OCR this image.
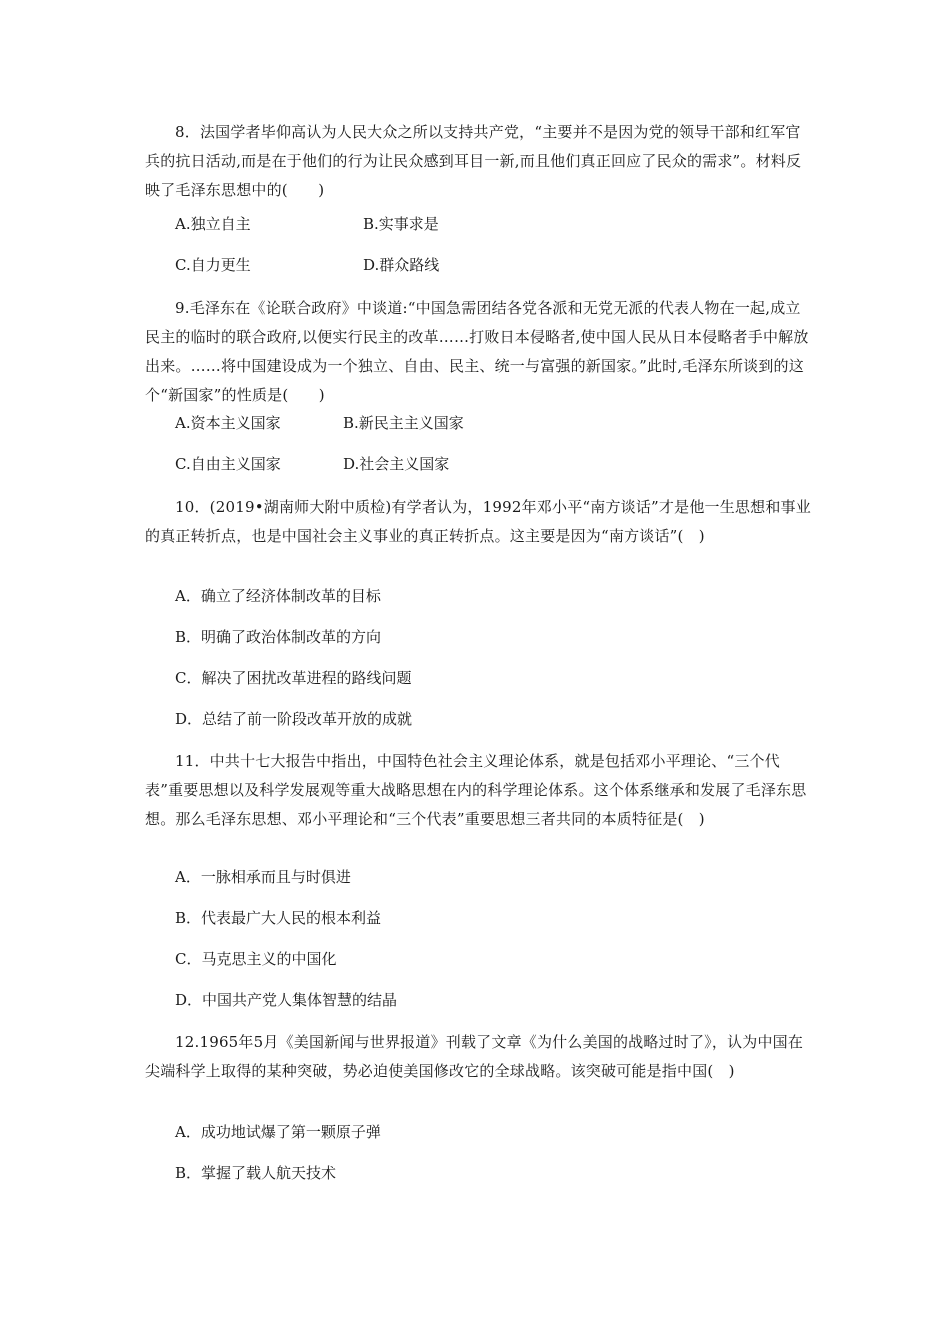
8．法国学者毕仰高认为人民大众之所以支持共产党，“主要并不是因为党的领导干部和红军官兵的抗日活动,而是在于他们的行为让民众感到耳目一新,而且他们真正回应了民众的需求”。材料反映了毛泽东思想中的(　　)
A.独立自主	B.实事求是
C.自力更生	D.群众路线
9.毛泽东在《论联合政府》中谈道:“中国急需团结各党各派和无党无派的代表人物在一起,成立民主的临时的联合政府,以便实行民主的改革……打败日本侵略者,使中国人民从日本侵略者手中解放出来。……将中国建设成为一个独立、自由、民主、统一与富强的新国家。”此时,毛泽东所谈到的这个“新国家”的性质是(　　)
A.资本主义国家	B.新民主主义国家
C.自由主义国家	D.社会主义国家
10．(2019•湖南师大附中质检)有学者认为，1992年邓小平“南方谈话”才是他一生思想和事业的真正转折点，也是中国社会主义事业的真正转折点。这主要是因为“南方谈话”(　)
A．确立了经济体制改革的目标
B．明确了政治体制改革的方向
C．解决了困扰改革进程的路线问题
D．总结了前一阶段改革开放的成就
11．中共十七大报告中指出，中国特色社会主义理论体系，就是包括邓小平理论、“三个代表”重要思想以及科学发展观等重大战略思想在内的科学理论体系。这个体系继承和发展了毛泽东思想。那么毛泽东思想、邓小平理论和“三个代表”重要思想三者共同的本质特征是(　)
A．一脉相承而且与时俱进
B．代表最广大人民的根本利益
C．马克思主义的中国化
D．中国共产党人集体智慧的结晶
12.1965年5月《美国新闻与世界报道》刊载了文章《为什么美国的战略过时了》，认为中国在尖端科学上取得的某种突破，势必迫使美国修改它的全球战略。该突破可能是指中国(　)
A．成功地试爆了第一颗原子弹
B．掌握了载人航天技术
